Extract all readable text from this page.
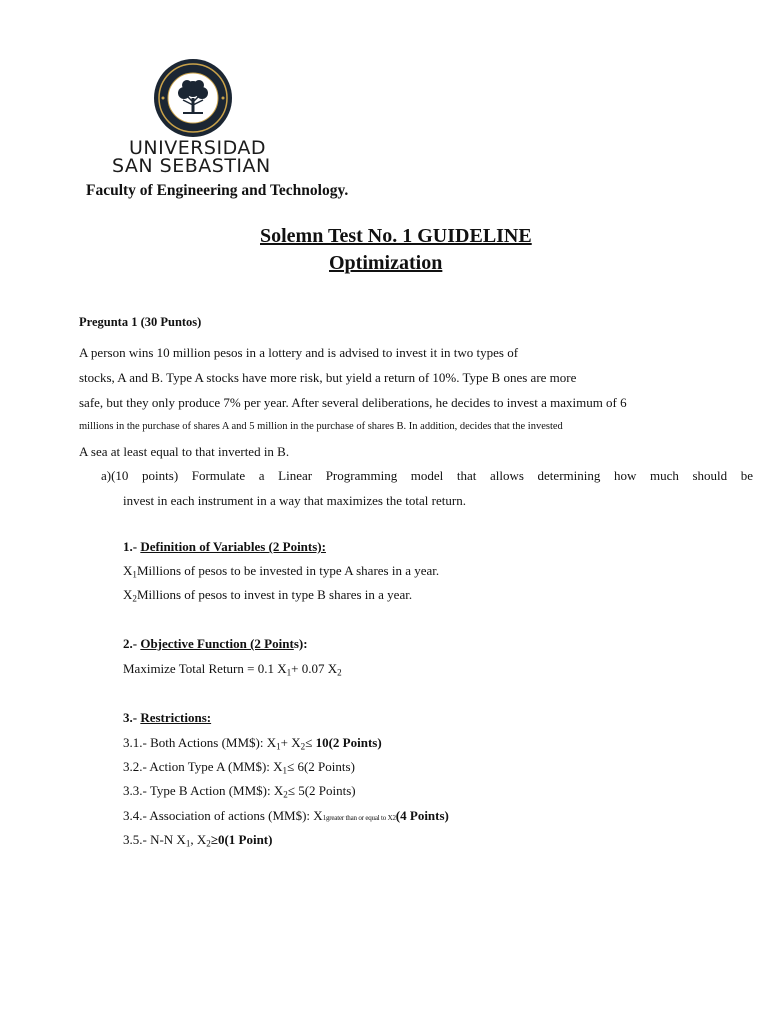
UNIVERSIDAD
SAN SEBASTIAN
Faculty of Engineering and Technology.
Solemn Test No. 1 GUIDELINE
Optimization
Pregunta 1 (30 Puntos)
A person wins 10 million pesos in a lottery and is advised to invest it in two types of
stocks, A and B. Type A stocks have more risk, but yield a return of 10%. Type B ones are more
safe, but they only produce 7% per year. After several deliberations, he decides to invest a maximum of 6
millions in the purchase of shares A and 5 million in the purchase of shares B. In addition, decides that the invested
A sea at least equal to that inverted in B.
a)(10 points) Formulate a Linear Programming model that allows determining how much should be
invest in each instrument in a way that maximizes the total return.
1.- Definition of Variables (2 Points):
$X_1Millions$ of pesos to be invested in type A shares in a year.
$X_2Millions$ of pesos to invest in type B shares in a year.
2.- Objective Function (2 Points):
Maximize Total Return = 0.1 $X_1+ 0.07$ $X_2$
3.- Restrictions:
3.1.- Both Actions (MM$): $X_1+ X_2\le 10(2$ Points)
3.2.- Action Type A (MM$): $X_1\le 6(2$ Points)
3.3.- Type B Action (MM$): $X_2\le 5(2$ Points)
3.4.- Association of actions (MM$): X1greater than or equal to X2(4 Points)
3.5.- N-N $X_1$, $X_2\ge 0(1$ Point)
